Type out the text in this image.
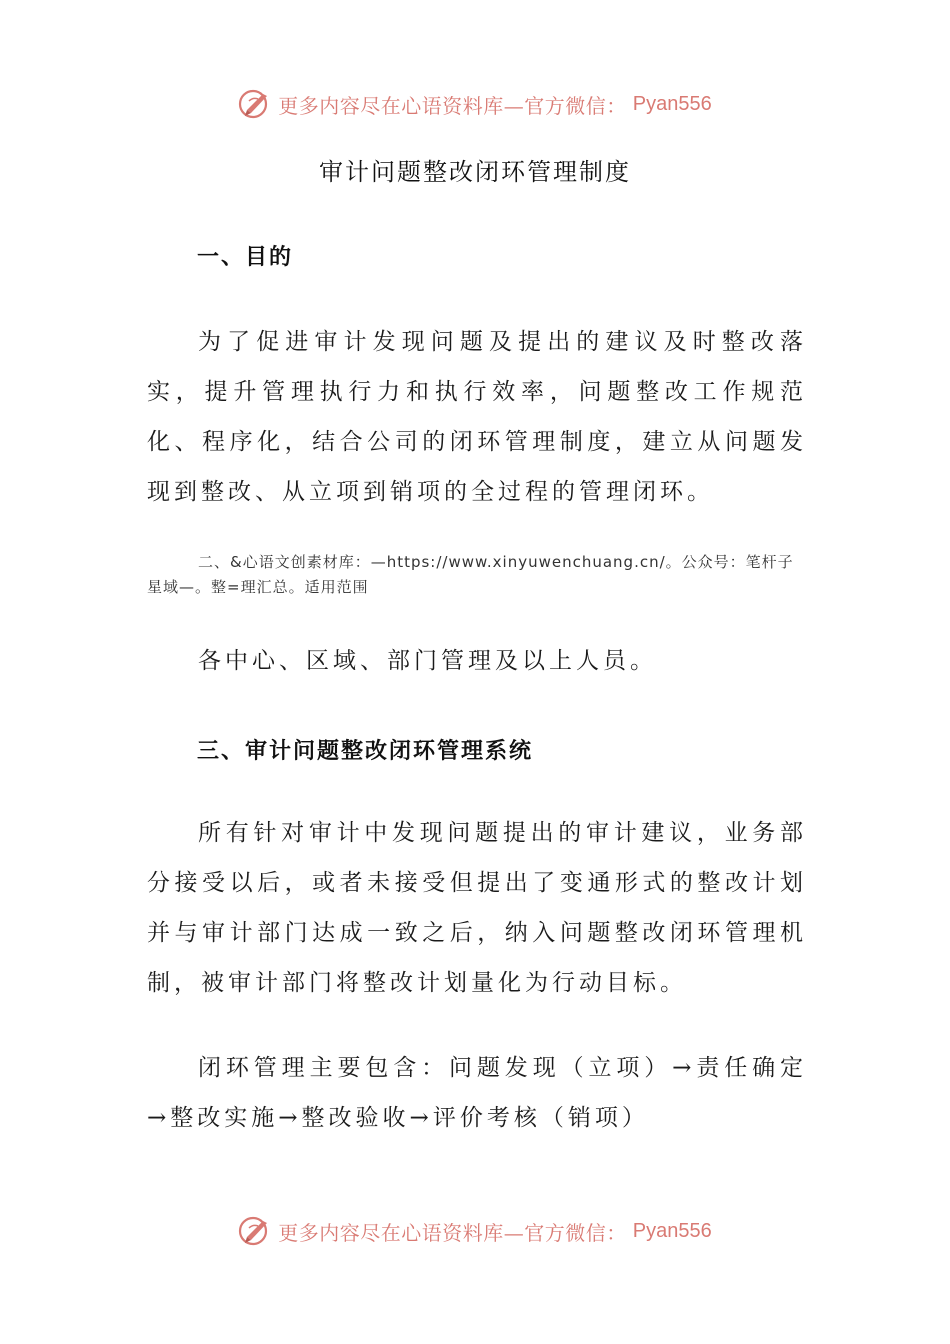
更多内容尽在心语资料库—官方微信： Pyan556
审计问题整改闭环管理制度
一、目的

为了促进审计发现问题及提出的建议及时整改落实，提升管理执行力和执行效率，问题整改工作规范化、程序化，结合公司的闭环管理制度，建立从问题发现到整改、从立项到销项的全过程的管理闭环。

二、&心语文创素材库：—https://www.xinyuwenchuang.cn/。公众号：笔杆子星域—。整=理汇总。适用范围

各中心、区域、部门管理及以上人员。

三、审计问题整改闭环管理系统

所有针对审计中发现问题提出的审计建议，业务部分接受以后，或者未接受但提出了变通形式的整改计划并与审计部门达成一致之后，纳入问题整改闭环管理机制，被审计部门将整改计划量化为行动目标。

闭环管理主要包含：问题发现（立项）→责任确定→整改实施→整改验收→评价考核（销项）

更多内容尽在心语资料库—官方微信： Pyan556
